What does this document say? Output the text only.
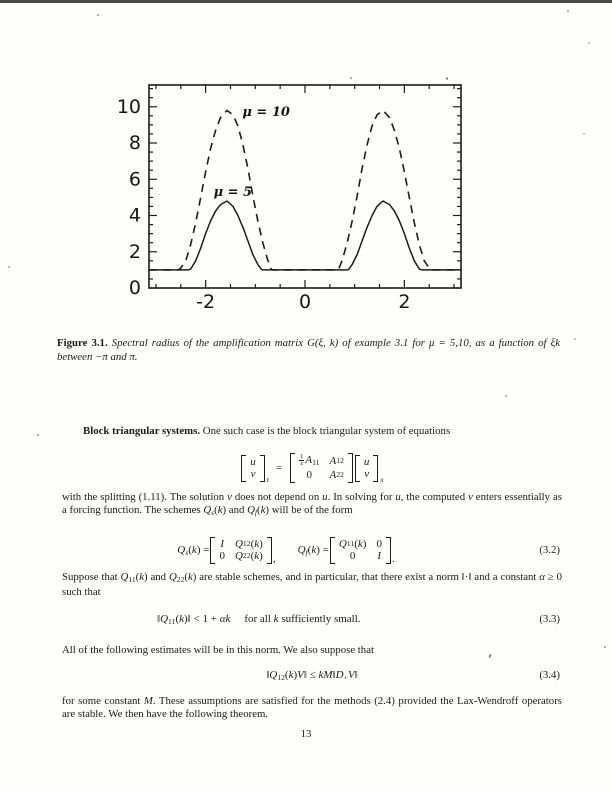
-2	0	2
0
2
4
6
8
10	μ = 10
μ = 5
Figure 3.1. Spectral radius of the amplification matrix G(ξ, k) of example 3.1 for μ = 5,10, as a function of ξk between −π and π.
Block triangular systems. One such case is the block triangular system of equations
u
v t
=
$\frac{1}{\varepsilon} A11$ A 12
0 A 22
u
v x
with the splitting (1.11). The solution v does not depend on u. In solving for u, the computed v enters essentially as a forcing function. The schemes Qs(k) and Qf(k) will be of the form
Qs(k) =
I Q 12 ( k )
0 Q 22 ( k ) ,
Qf(k) =
Q 11 ( k ) 0
0 I .
(3.2)
Suppose that Q11(k) and Q22(k) are stable schemes, and in particular, that there exist a norm ‖·‖ and a constant α ≥ 0 such that
‖Q11(k)‖ < 1 + αk for all k sufficiently small.	(3.3)
All of the following estimates will be in this norm. We also suppose that
‖Q12(k)V‖ ≤ kM‖D+V‖	(3.4)
for some constant M. These assumptions are satisfied for the methods (2.4) provided the Lax-Wendroff operators are stable. We then have the following theorem.
13
